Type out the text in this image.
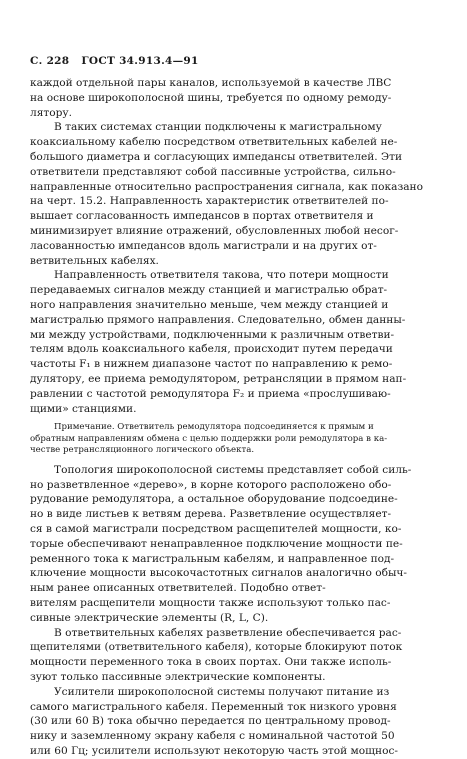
С. 228 ГОСТ 34.913.4—91
каждой отдельной пары каналов, используемой в качестве ЛВС
на основе широкополосной шины, требуется по одному ремоду-
лятору.
В таких системах станции подключены к магистральному
коаксиальному кабелю посредством ответвительных кабелей не-
большого диаметра и согласующих импедансы ответвителей. Эти
ответвители представляют собой пассивные устройства, сильно-
направленные относительно распространения сигнала, как показано
на черт. 15.2. Направленность характеристик ответвителей по-
вышает согласованность импедансов в портах ответвителя и
минимизирует влияние отражений, обусловленных любой несог-
ласованностью импедансов вдоль магистрали и на других от-
ветвительных кабелях.
Направленность ответвителя такова, что потери мощности
передаваемых сигналов между станцией и магистралью обрат-
ного направления значительно меньше, чем между станцией и
магистралью прямого направления. Следовательно, обмен данны-
ми между устройствами, подключенными к различным ответви-
телям вдоль коаксиального кабеля, происходит путем передачи
частоты F₁ в нижнем диапазоне частот по направлению к ремо-
дулятору, ее приема ремодулятором, ретрансляции в прямом нап-
равлении с частотой ремодулятора F₂ и приема «прослушиваю-
щими» станциями.
Примечание. Ответвитель ремодулятора подсоединяется к прямым и
обратным направлениям обмена с целью поддержки роли ремодулятора в ка-
честве ретрансляционного логического объекта.
Топология широкополосной системы представляет собой силь-
но разветвленное «дерево», в корне которого расположено обо-
рудование ремодулятора, а остальное оборудование подсоедине-
но в виде листьев к ветвям дерева. Разветвление осуществляет-
ся в самой магистрали посредством расщепителей мощности, ко-
торые обеспечивают ненаправленное подключение мощности пе-
ременного тока к магистральным кабелям, и направленное под-
ключение мощности высокочастотных сигналов аналогично обыч-
ным ранее описанных ответвителей. Подобно ответ-
вителям расщепители мощности также используют только пас-
сивные электрические элементы (R, L, C).
В ответвительных кабелях разветвление обеспечивается рас-
щепителями (ответвительного кабеля), которые блокируют поток
мощности переменного тока в своих портах. Они также исполь-
зуют только пассивные электрические компоненты.
Усилители широкополосной системы получают питание из
самого магистрального кабеля. Переменный ток низкого уровня
(30 или 60 В) тока обычно передается по центральному провод-
нику и заземленному экрану кабеля с номинальной частотой 50
или 60 Гц; усилители используют некоторую часть этой мощнос-
